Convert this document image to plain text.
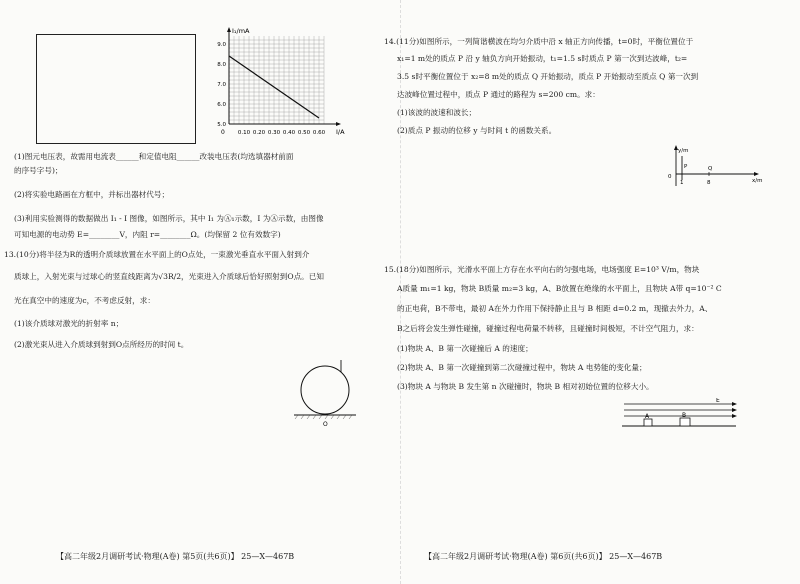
I₁/mA
I/A
0
9.0
8.0
7.0
6.0
5.0
0.10 0.20 0.30 0.40 0.50 0.60
(1)图元电压表，故需用电流表______和定值电阻______改装电压表(均选填器材前面
的序号字号)；
(2)将实验电路画在方框中，并标出器材代号；
(3)利用实验测得的数据做出 I₁ - I 图像，如图所示，其中 I₁ 为Ⓐ₁示数，I 为Ⓐ示数，由图像
可知电源的电动势 E=________V，内阻 r=________Ω。(均保留 2 位有效数字)
13.(10分)将半径为R的透明介质球放置在水平面上的O点处，一束激光垂直水平面入射到介
质球上，入射光束与过球心的竖直线距离为√3R/2，光束进入介质球后恰好照射到O点。已知
光在真空中的速度为c，不考虑反射，求：
(1)该介质球对激光的折射率 n；
(2)激光束从进入介质球到射到O点所经历的时间 t。
O
【高二年级2月调研考试·物理(A卷) 第5页(共6页)】 25—X—467B
14.(11分)如图所示，一列简谐横波在均匀介质中沿 x 轴正方向传播，t=0时，平衡位置位于
x₁=1 m处的质点 P 沿 y 轴负方向开始振动，t₁=1.5 s时质点 P 第一次到达波峰，t₂=
3.5 s时平衡位置位于 x₂=8 m处的质点 Q 开始振动，质点 P 开始振动至质点 Q 第一次到
达波峰位置过程中，质点 P 通过的路程为 s=200 cm。求：
(1)该波的波速和波长；
(2)质点 P 振动的位移 y 与时间 t 的函数关系。
y/m
x/m
0
P	Q
1	8
15.(18分)如图所示，光滑水平面上方存在水平向右的匀强电场，电场强度 E=10³ V/m，物块
A质量 m₁=1 kg，物块 B质量 m₂=3 kg，A、B放置在绝缘的水平面上，且物块 A带 q=10⁻² C
的正电荷，B不带电，最初 A在外力作用下保持静止且与 B 相距 d=0.2 m，现撤去外力，A、
B之后将会发生弹性碰撞，碰撞过程电荷量不转移，且碰撞时间极短，不计空气阻力，求：
(1)物块 A、B 第一次碰撞后 A 的速度；
(2)物块 A、B 第一次碰撞到第二次碰撞过程中，物块 A 电势能的变化量；
(3)物块 A 与物块 B 发生第 n 次碰撞时，物块 B 相对初始位置的位移大小。
E
A	B
【高二年级2月调研考试·物理(A卷) 第6页(共6页)】 25—X—467B
